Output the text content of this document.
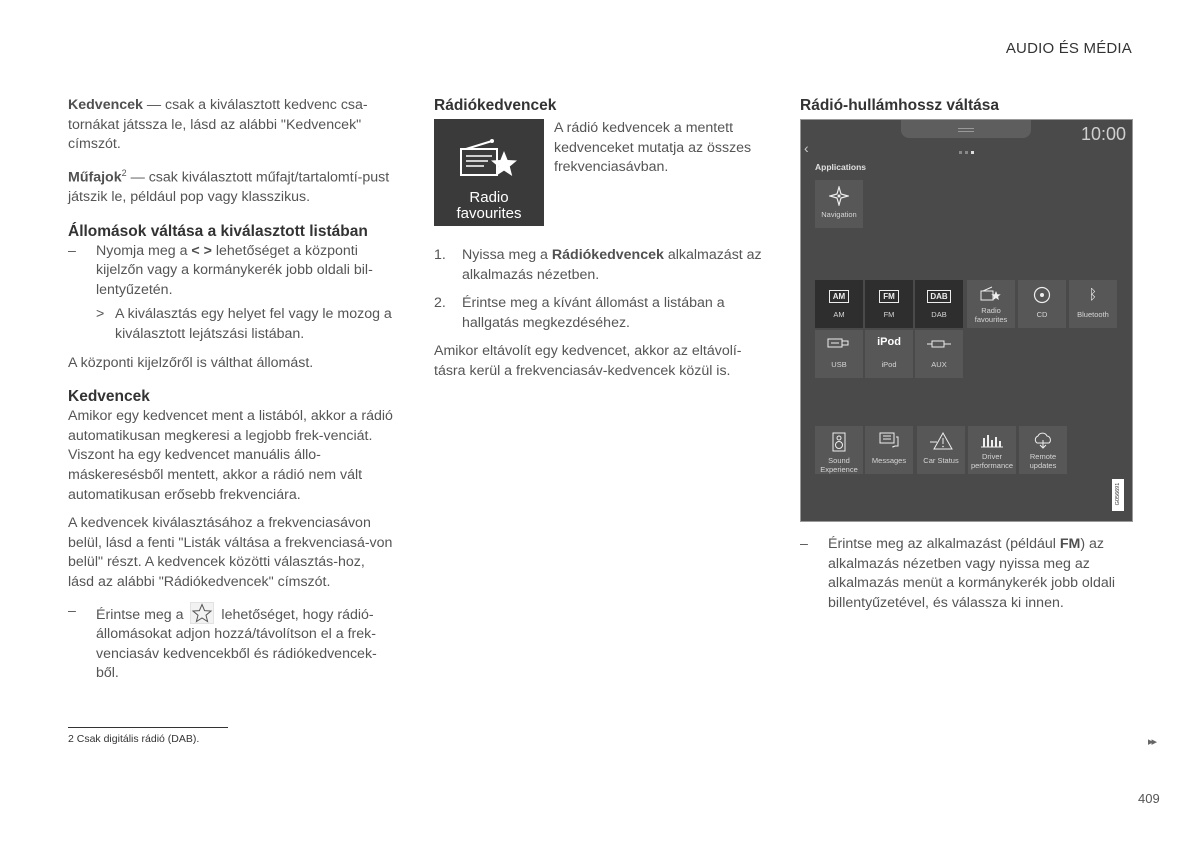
AUDIO ÉS MÉDIA

Kedvencek — csak a kiválasztott kedvenc csa-tornákat játssza le, lásd az alábbi "Kedvencek" címszót.

Műfajok$^2$ — csak kiválasztott műfajt/tartalomtí-pust játszik le, például pop vagy klasszikus.

Állomások váltása a kiválasztott listában
– Nyomja meg a < > lehetőséget a központi kijelzőn vagy a kormánykerék jobb oldali bil-lentyűzetén.
> A kiválasztás egy helyet fel vagy le mozog a kiválasztott lejátszási listában.

A központi kijelzőről is válthat állomást.

Kedvencek

Amikor egy kedvencet ment a listából, akkor a rádió automatikusan megkeresi a legjobb frek-venciát. Viszont ha egy kedvencet manuális állo-máskeresésből mentett, akkor a rádió nem vált automatikusan erősebb frekvenciára.

A kedvencek kiválasztásához a frekvenciasávon belül, lásd a fenti "Listák váltása a frekvenciasá-von belül" részt. A kedvencek közötti választás-hoz, lásd az alábbi "Rádiókedvencek" címszót.

– Érintse meg a  lehetőséget, hogy rádió-állomásokat adjon hozzá/távolítson el a frek-venciasáv kedvencekből és rádiókedvencek-ből.
Rádiókedvencek
Radio favourites
A rádió kedvencek a mentett kedvenceket mutatja az összes frekvenciasávban.
1. Nyissa meg a Rádiókedvencek alkalmazást az alkalmazás nézetben.
2. Érintse meg a kívánt állomást a listában a hallgatás megkezdéséhez.

Amikor eltávolít egy kedvencet, akkor az eltávolí-tásra kerül a frekvenciasáv-kedvencek közül is.

Rádió-hullámhossz váltása
10:00
‹
Applications
Navigation
AM
AM
FM
FM
DAB
DAB	Radio favourites
CD
ᛒ
Bluetooth
USB
iPod
iPod	AUX
Sound Experience
Messages	Car Status	Driver performance
Remote updates
G056691
– Érintse meg az alkalmazást (például FM) az alkalmazás nézetben vagy nyissa meg az alkalmazás menüt a kormánykerék jobb oldali billentyűzetével, és válassza ki innen.
2 Csak digitális rádió (DAB).	▸▸
409
